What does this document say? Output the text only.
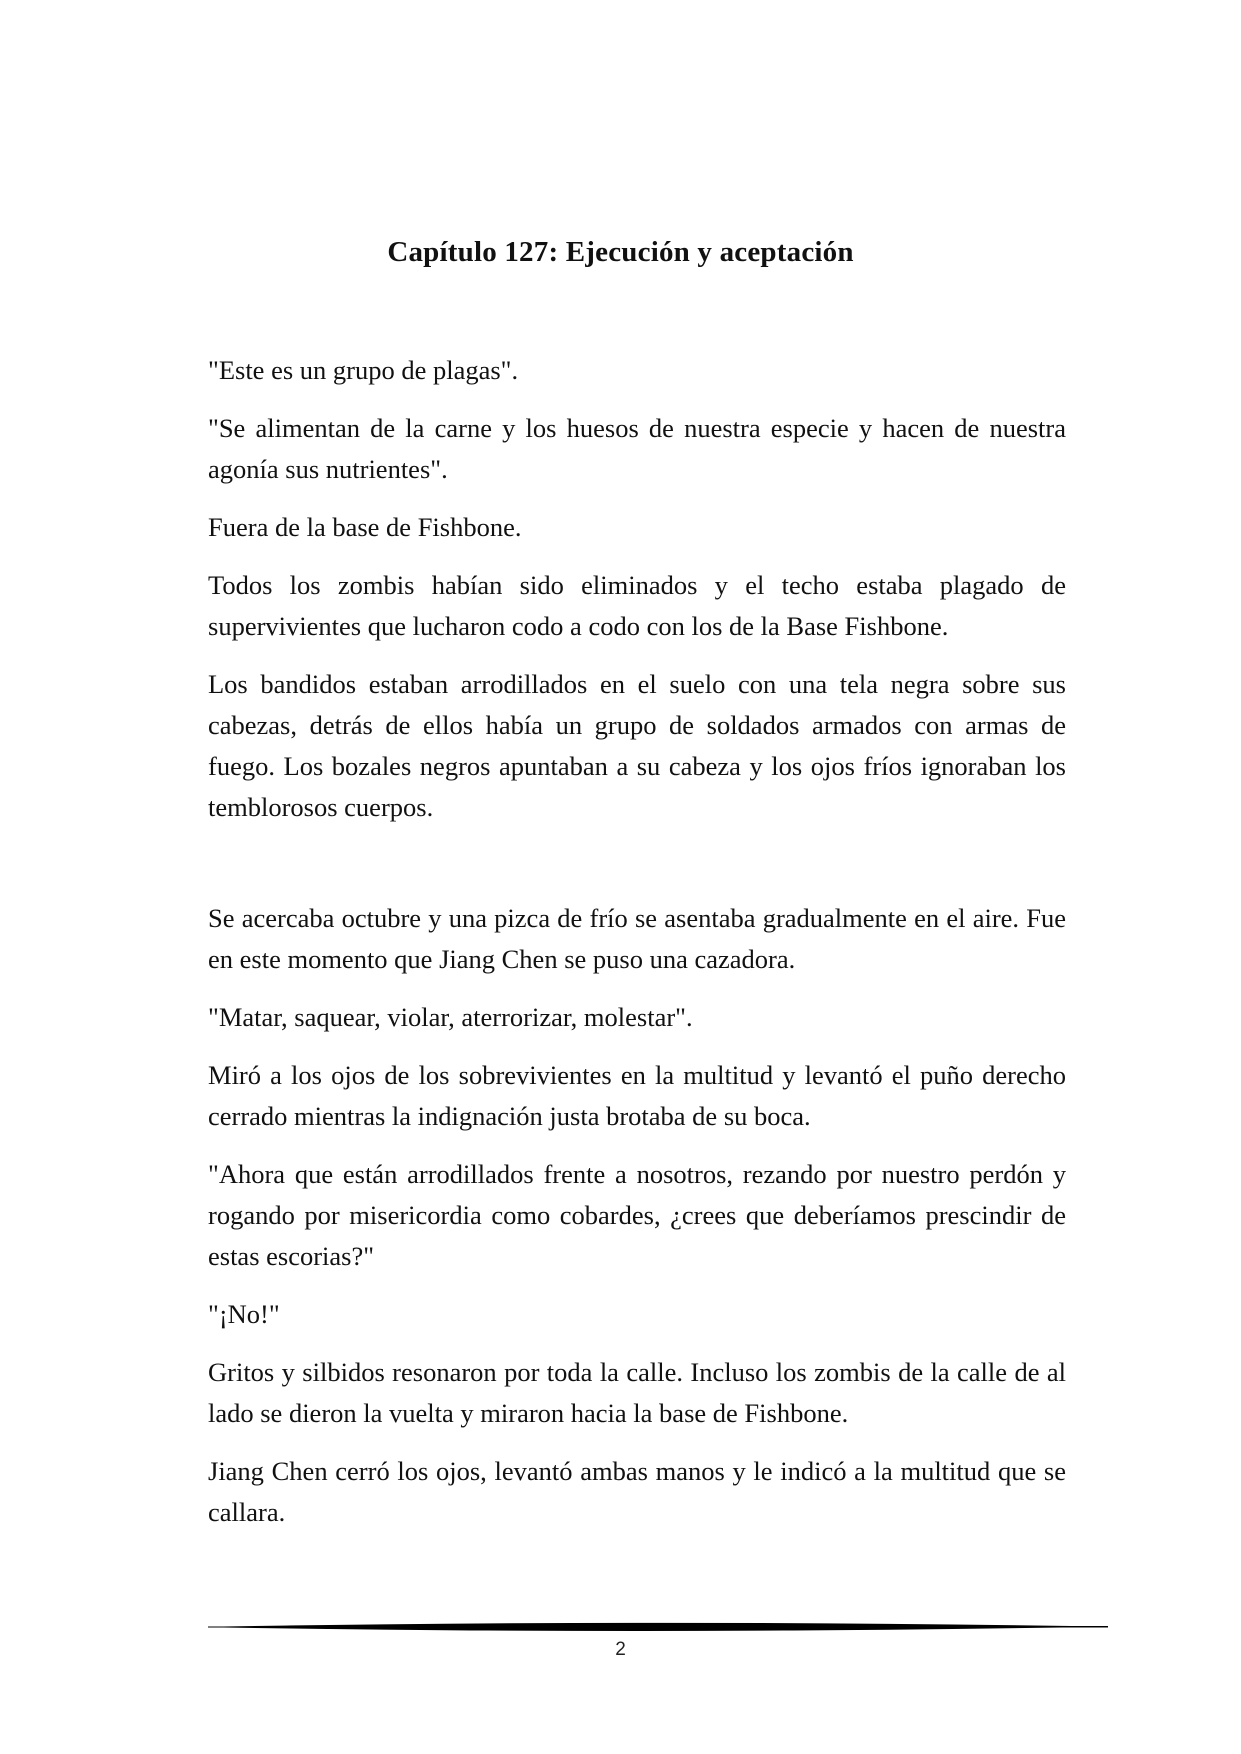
Capítulo 127: Ejecución y aceptación

"Este es un grupo de plagas".

"Se alimentan de la carne y los huesos de nuestra especie y hacen de nuestra agonía sus nutrientes".

Fuera de la base de Fishbone.

Todos los zombis habían sido eliminados y el techo estaba plagado de supervivientes que lucharon codo a codo con los de la Base Fishbone.

Los bandidos estaban arrodillados en el suelo con una tela negra sobre sus cabezas, detrás de ellos había un grupo de soldados armados con armas de fuego. Los bozales negros apuntaban a su cabeza y los ojos fríos ignoraban los temblorosos cuerpos.

Se acercaba octubre y una pizca de frío se asentaba gradualmente en el aire. Fue en este momento que Jiang Chen se puso una cazadora.

"Matar, saquear, violar, aterrorizar, molestar".

Miró a los ojos de los sobrevivientes en la multitud y levantó el puño derecho cerrado mientras la indignación justa brotaba de su boca.

"Ahora que están arrodillados frente a nosotros, rezando por nuestro perdón y rogando por misericordia como cobardes, ¿crees que deberíamos prescindir de estas escorias?"

"¡No!"

Gritos y silbidos resonaron por toda la calle. Incluso los zombis de la calle de al lado se dieron la vuelta y miraron hacia la base de Fishbone.

Jiang Chen cerró los ojos, levantó ambas manos y le indicó a la multitud que se callara.

2
